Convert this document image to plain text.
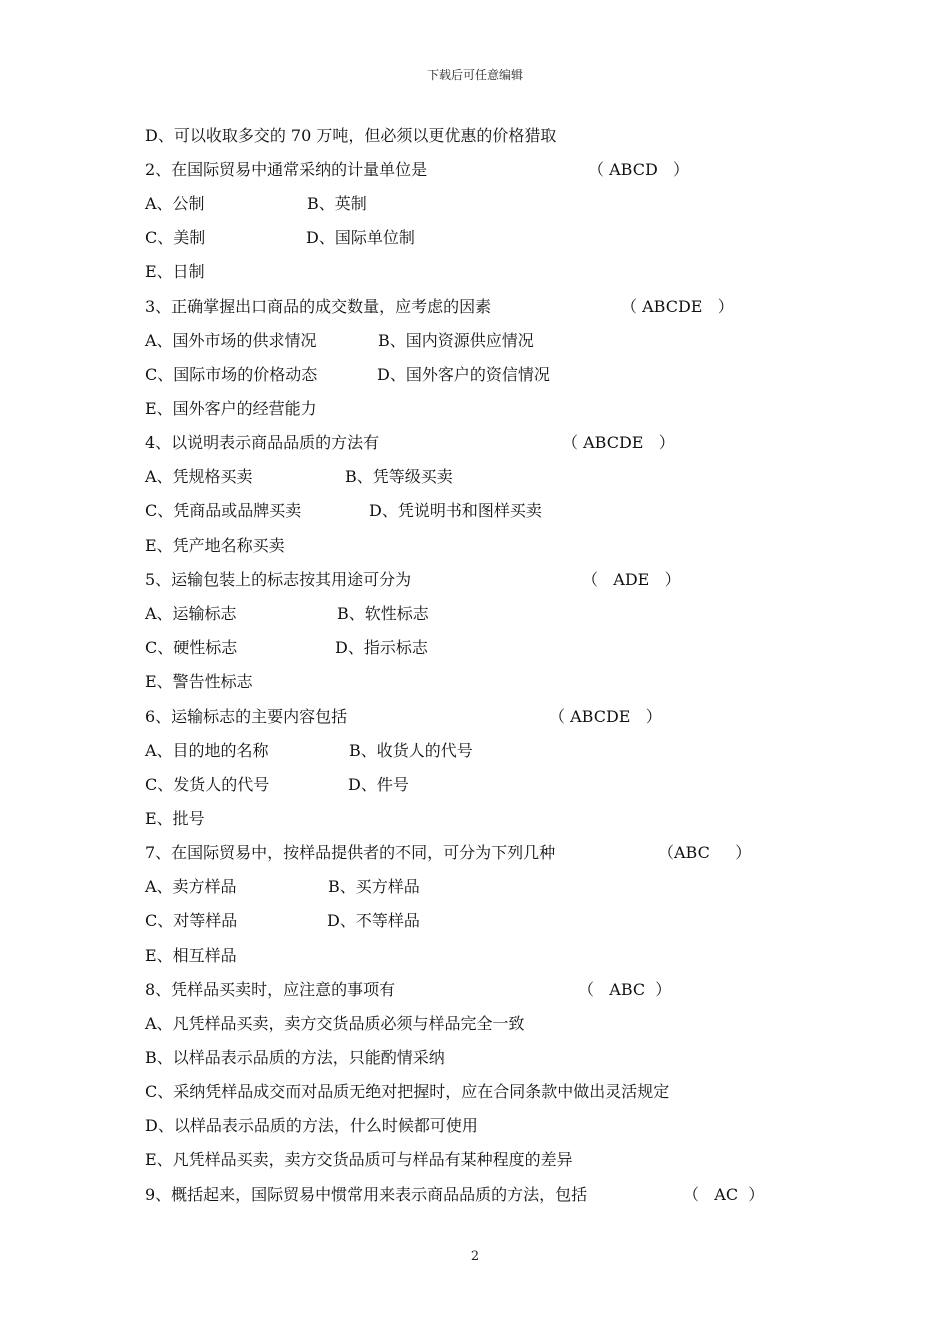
下载后可任意编辑
D、可以收取多交的 70 万吨，但必须以更优惠的价格猎取
2、在国际贸易中通常采纳的计量单位是	（ ABCD   ）
A、公制	B、英制
C、美制	D、国际单位制
E、日制
3、正确掌握出口商品的成交数量，应考虑的因素	（ ABCDE   ）
A、国外市场的供求情况	B、国内资源供应情况
C、国际市场的价格动态	D、国外客户的资信情况
E、国外客户的经营能力
4、以说明表示商品品质的方法有	（ ABCDE   ）
A、凭规格买卖	B、凭等级买卖
C、凭商品或品牌买卖	D、凭说明书和图样买卖
E、凭产地名称买卖
5、运输包装上的标志按其用途可分为	（   ADE   ）
A、运输标志	B、软性标志
C、硬性标志	D、指示标志
E、警告性标志
6、运输标志的主要内容包括	（ ABCDE   ）
A、目的地的名称	B、收货人的代号
C、发货人的代号	D、件号
E、批号
7、在国际贸易中，按样品提供者的不同，可分为下列几种	（ABC     ）
A、卖方样品	B、买方样品
C、对等样品	D、不等样品
E、相互样品
8、凭样品买卖时，应注意的事项有	（   ABC  ）
A、凡凭样品买卖，卖方交货品质必须与样品完全一致
B、以样品表示品质的方法，只能酌情采纳
C、采纳凭样品成交而对品质无绝对把握时，应在合同条款中做出灵活规定
D、以样品表示品质的方法，什么时候都可使用
E、凡凭样品买卖，卖方交货品质可与样品有某种程度的差异
9、概括起来，国际贸易中惯常用来表示商品品质的方法，包括	（   AC  ）
2
